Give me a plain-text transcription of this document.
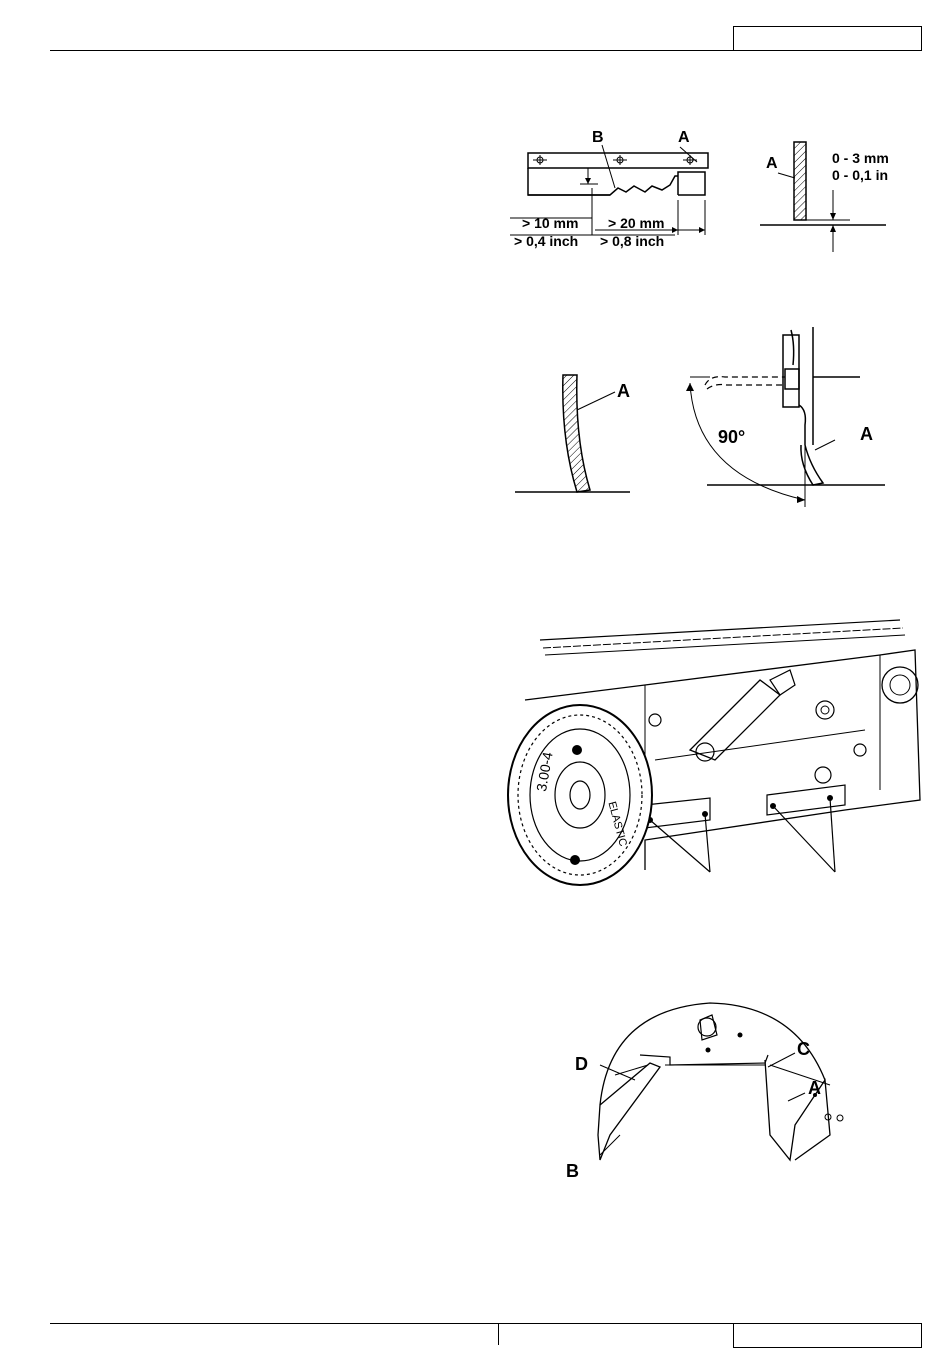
B	A
> 10 mm
> 0,4 inch
> 20 mm
> 0,8 inch
A	0 - 3 mm
0 - 0,1 in
A
90°	A
3.00-4
ELASTIC
D
C
A
B
